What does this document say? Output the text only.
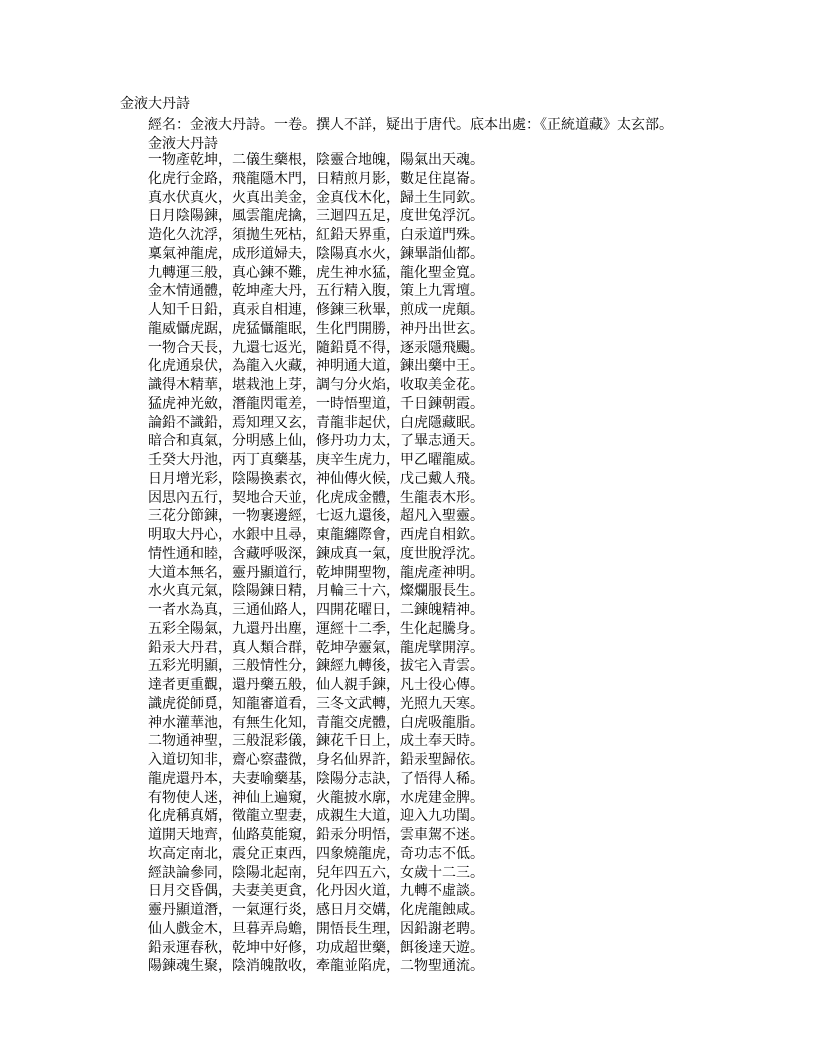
金液大丹詩
經名：金液大丹詩。一卷。撰人不詳，疑出于唐代。底本出處：《正統道藏》太玄部。
金液大丹詩
一物產乾坤，二儀生藥根，陰靈合地魄，陽氣出天魂。
化虎行金路，飛龍隱木門，日精煎月影，數足住崑崙。
真水伏真火，火真出美金，金真伐木化，歸土生同欽。
日月陰陽鍊，風雲龍虎擒，三迴四五足，度世兔浮沉。
造化久沈浮，須拋生死枯，紅鉛天界重，白汞道門殊。
稟氣神龍虎，成形道婦夫，陰陽真水火，鍊畢詣仙都。
九轉運三般，真心鍊不難，虎生神水猛，龍化聖金寬。
金木情通體，乾坤產大丹，五行精入腹，策上九霄壇。
人知千日鉛，真汞自相連，修鍊三秋畢，煎成一虎顛。
龍威懾虎踞，虎猛懾龍眠，生化門開勝，神丹出世玄。
一物合天長，九還七返光，隨鉛覓不得，逐汞隱飛颺。
化虎通泉伏，為龍入火藏，神明通大道，鍊出藥中王。
識得木精華，堪栽池上芽，調勻分火焰，收取美金花。
猛虎神光斂，潛龍閃電差，一時悟聖道，千日鍊朝霞。
論鉛不識鉛，焉知理又玄，青龍非起伏，白虎隱藏眠。
暗合和真氣，分明感上仙，修丹功力太，了畢志通天。
壬癸大丹池，丙丁真藥基，庚辛生虎力，甲乙曜龍威。
日月增光彩，陰陽換素衣，神仙傳火候，戊己戴人飛。
因思內五行，契地合天並，化虎成金體，生龍表木形。
三花分節鍊，一物裹邊經，七返九還後，超凡入聖靈。
明取大丹心，水銀中且尋，東龍纏際會，西虎自相欽。
情性通和睦，含藏呼吸深，鍊成真一氣，度世脫浮沈。
大道本無名，靈丹顯道行，乾坤開聖物，龍虎產神明。
水火真元氣，陰陽鍊日精，月輪三十六，燦爛服長生。
一者水為真，三通仙路人，四開花曜日，二鍊魄精神。
五彩全陽氣，九還丹出塵，運經十二季，生化起騰身。
鉛汞大丹君，真人類合群，乾坤孕靈氣，龍虎擘開淳。
五彩光明顯，三般情性分，鍊經九轉後，拔宅入青雲。
達者更重觀，還丹藥五般，仙人親手鍊，凡士役心傳。
識虎從師覓，知龍審道看，三冬文武轉，光照九天寒。
神水灌華池，有無生化知，青龍交虎體，白虎吸龍脂。
二物通神聖，三般混彩儀，鍊花千日上，成土奉天時。
入道切知非，齋心察盡微，身名仙界許，鉛汞聖歸依。
龍虎還丹本，夫妻喻藥基，陰陽分志訣，了悟得人稀。
有物使人迷，神仙上遍窺，火龍披水廓，水虎建金脾。
化虎稱真婿，徵龍立聖妻，成親生大道，迎入九功閨。
道開天地齊，仙路莫能窺，鉛汞分明悟，雲車駕不迷。
坎高定南北，震兌正東西，四象燒龍虎，奇功志不低。
經訣論參同，陰陽北起南，兒年四五六，女歲十二三。
日月交昏偶，夫妻美更貪，化丹因火道，九轉不虛談。
靈丹顯道潛，一氣運行炎，感日月交媾，化虎龍蝕咸。
仙人戲金木，旦暮弄烏蟾，開悟長生理，因鉛謝老聘。
鉛汞運春秋，乾坤中好修，功成超世藥，餌後達天遊。
陽鍊魂生聚，陰消魄散收，牽龍並陷虎，二物聖通流。
